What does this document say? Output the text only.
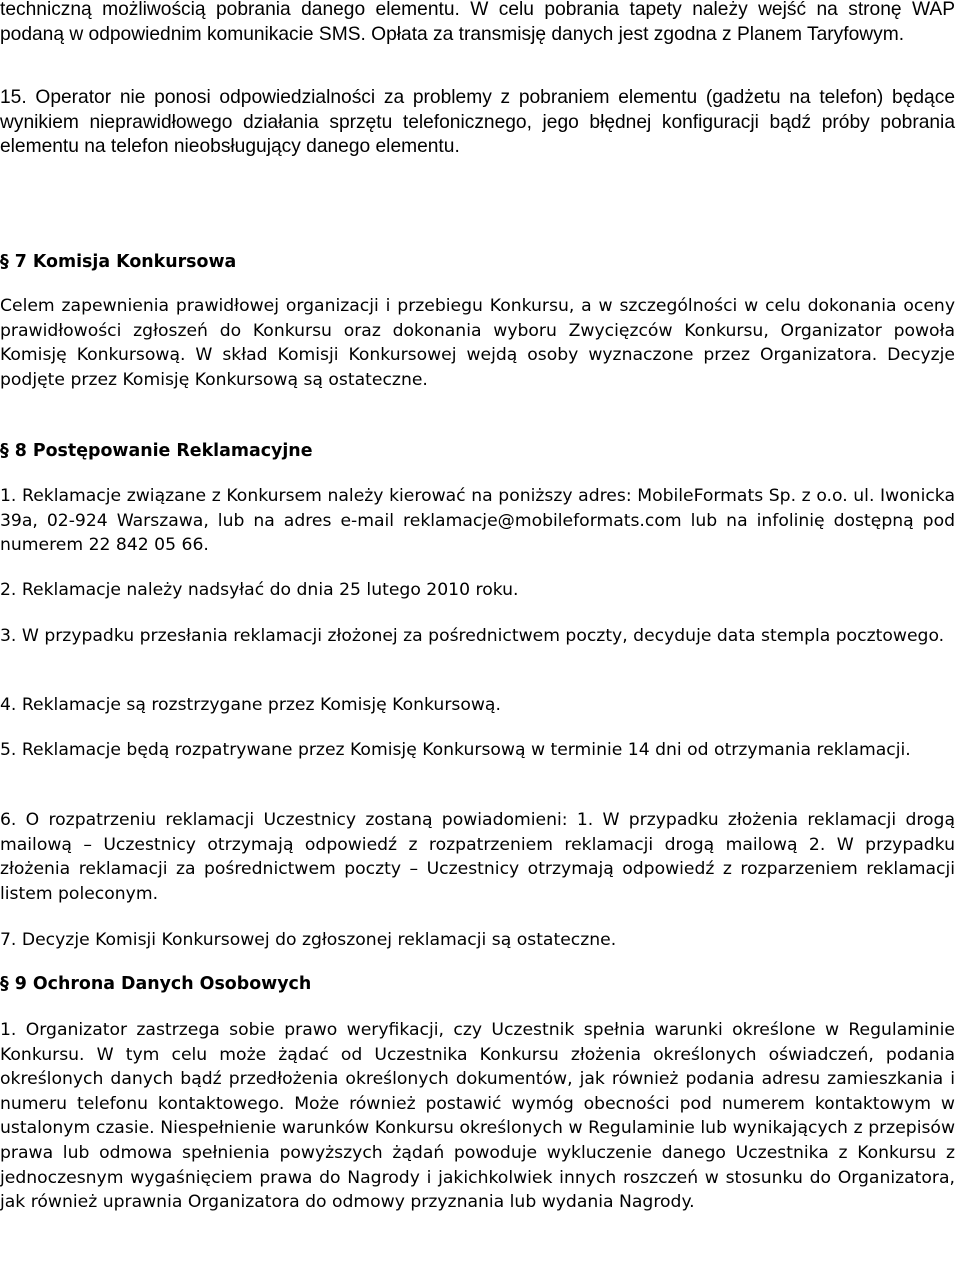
techniczną możliwością pobrania danego elementu. W celu pobrania tapety należy wejść na stronę WAP podaną w odpowiednim komunikacie SMS. Opłata za transmisję danych jest zgodna z Planem Taryfowym.

15. Operator nie ponosi odpowiedzialności za problemy z pobraniem elementu (gadżetu na telefon) będące wynikiem nieprawidłowego działania sprzętu telefonicznego, jego błędnej konfiguracji bądź próby pobrania elementu na telefon nieobsługujący danego elementu.

§ 7 Komisja Konkursowa

Celem zapewnienia prawidłowej organizacji i przebiegu Konkursu, a w szczególności w celu dokonania oceny prawidłowości zgłoszeń do Konkursu oraz dokonania wyboru Zwycięzców Konkursu, Organizator powoła Komisję Konkursową. W skład Komisji Konkursowej wejdą osoby wyznaczone przez Organizatora. Decyzje podjęte przez Komisję Konkursową są ostateczne.

§ 8 Postępowanie Reklamacyjne

1. Reklamacje związane z Konkursem należy kierować na poniższy adres: MobileFormats Sp. z o.o. ul. Iwonicka 39a, 02-924 Warszawa, lub na adres e-mail reklamacje@mobileformats.com lub na infolinię dostępną pod numerem 22 842 05 66.

2. Reklamacje należy nadsyłać do dnia 25 lutego 2010 roku.

3. W przypadku przesłania reklamacji złożonej za pośrednictwem poczty, decyduje data stempla pocztowego.

4. Reklamacje są rozstrzygane przez Komisję Konkursową.

5. Reklamacje będą rozpatrywane przez Komisję Konkursową w terminie 14 dni od otrzymania reklamacji.

6. O rozpatrzeniu reklamacji Uczestnicy zostaną powiadomieni: 1. W przypadku złożenia reklamacji drogą mailową – Uczestnicy otrzymają odpowiedź z rozpatrzeniem reklamacji drogą mailową 2. W przypadku złożenia reklamacji za pośrednictwem poczty – Uczestnicy otrzymają odpowiedź z rozparzeniem reklamacji listem poleconym.

7. Decyzje Komisji Konkursowej do zgłoszonej reklamacji są ostateczne.

§ 9 Ochrona Danych Osobowych

1. Organizator zastrzega sobie prawo weryfikacji, czy Uczestnik spełnia warunki określone w Regulaminie Konkursu. W tym celu może żądać od Uczestnika Konkursu złożenia określonych oświadczeń, podania określonych danych bądź przedłożenia określonych dokumentów, jak również podania adresu zamieszkania i numeru telefonu kontaktowego. Może również postawić wymóg obecności pod numerem kontaktowym w ustalonym czasie. Niespełnienie warunków Konkursu określonych w Regulaminie lub wynikających z przepisów prawa lub odmowa spełnienia powyższych żądań powoduje wykluczenie danego Uczestnika z Konkursu z jednoczesnym wygaśnięciem prawa do Nagrody i jakichkolwiek innych roszczeń w stosunku do Organizatora, jak również uprawnia Organizatora do odmowy przyznania lub wydania Nagrody.
